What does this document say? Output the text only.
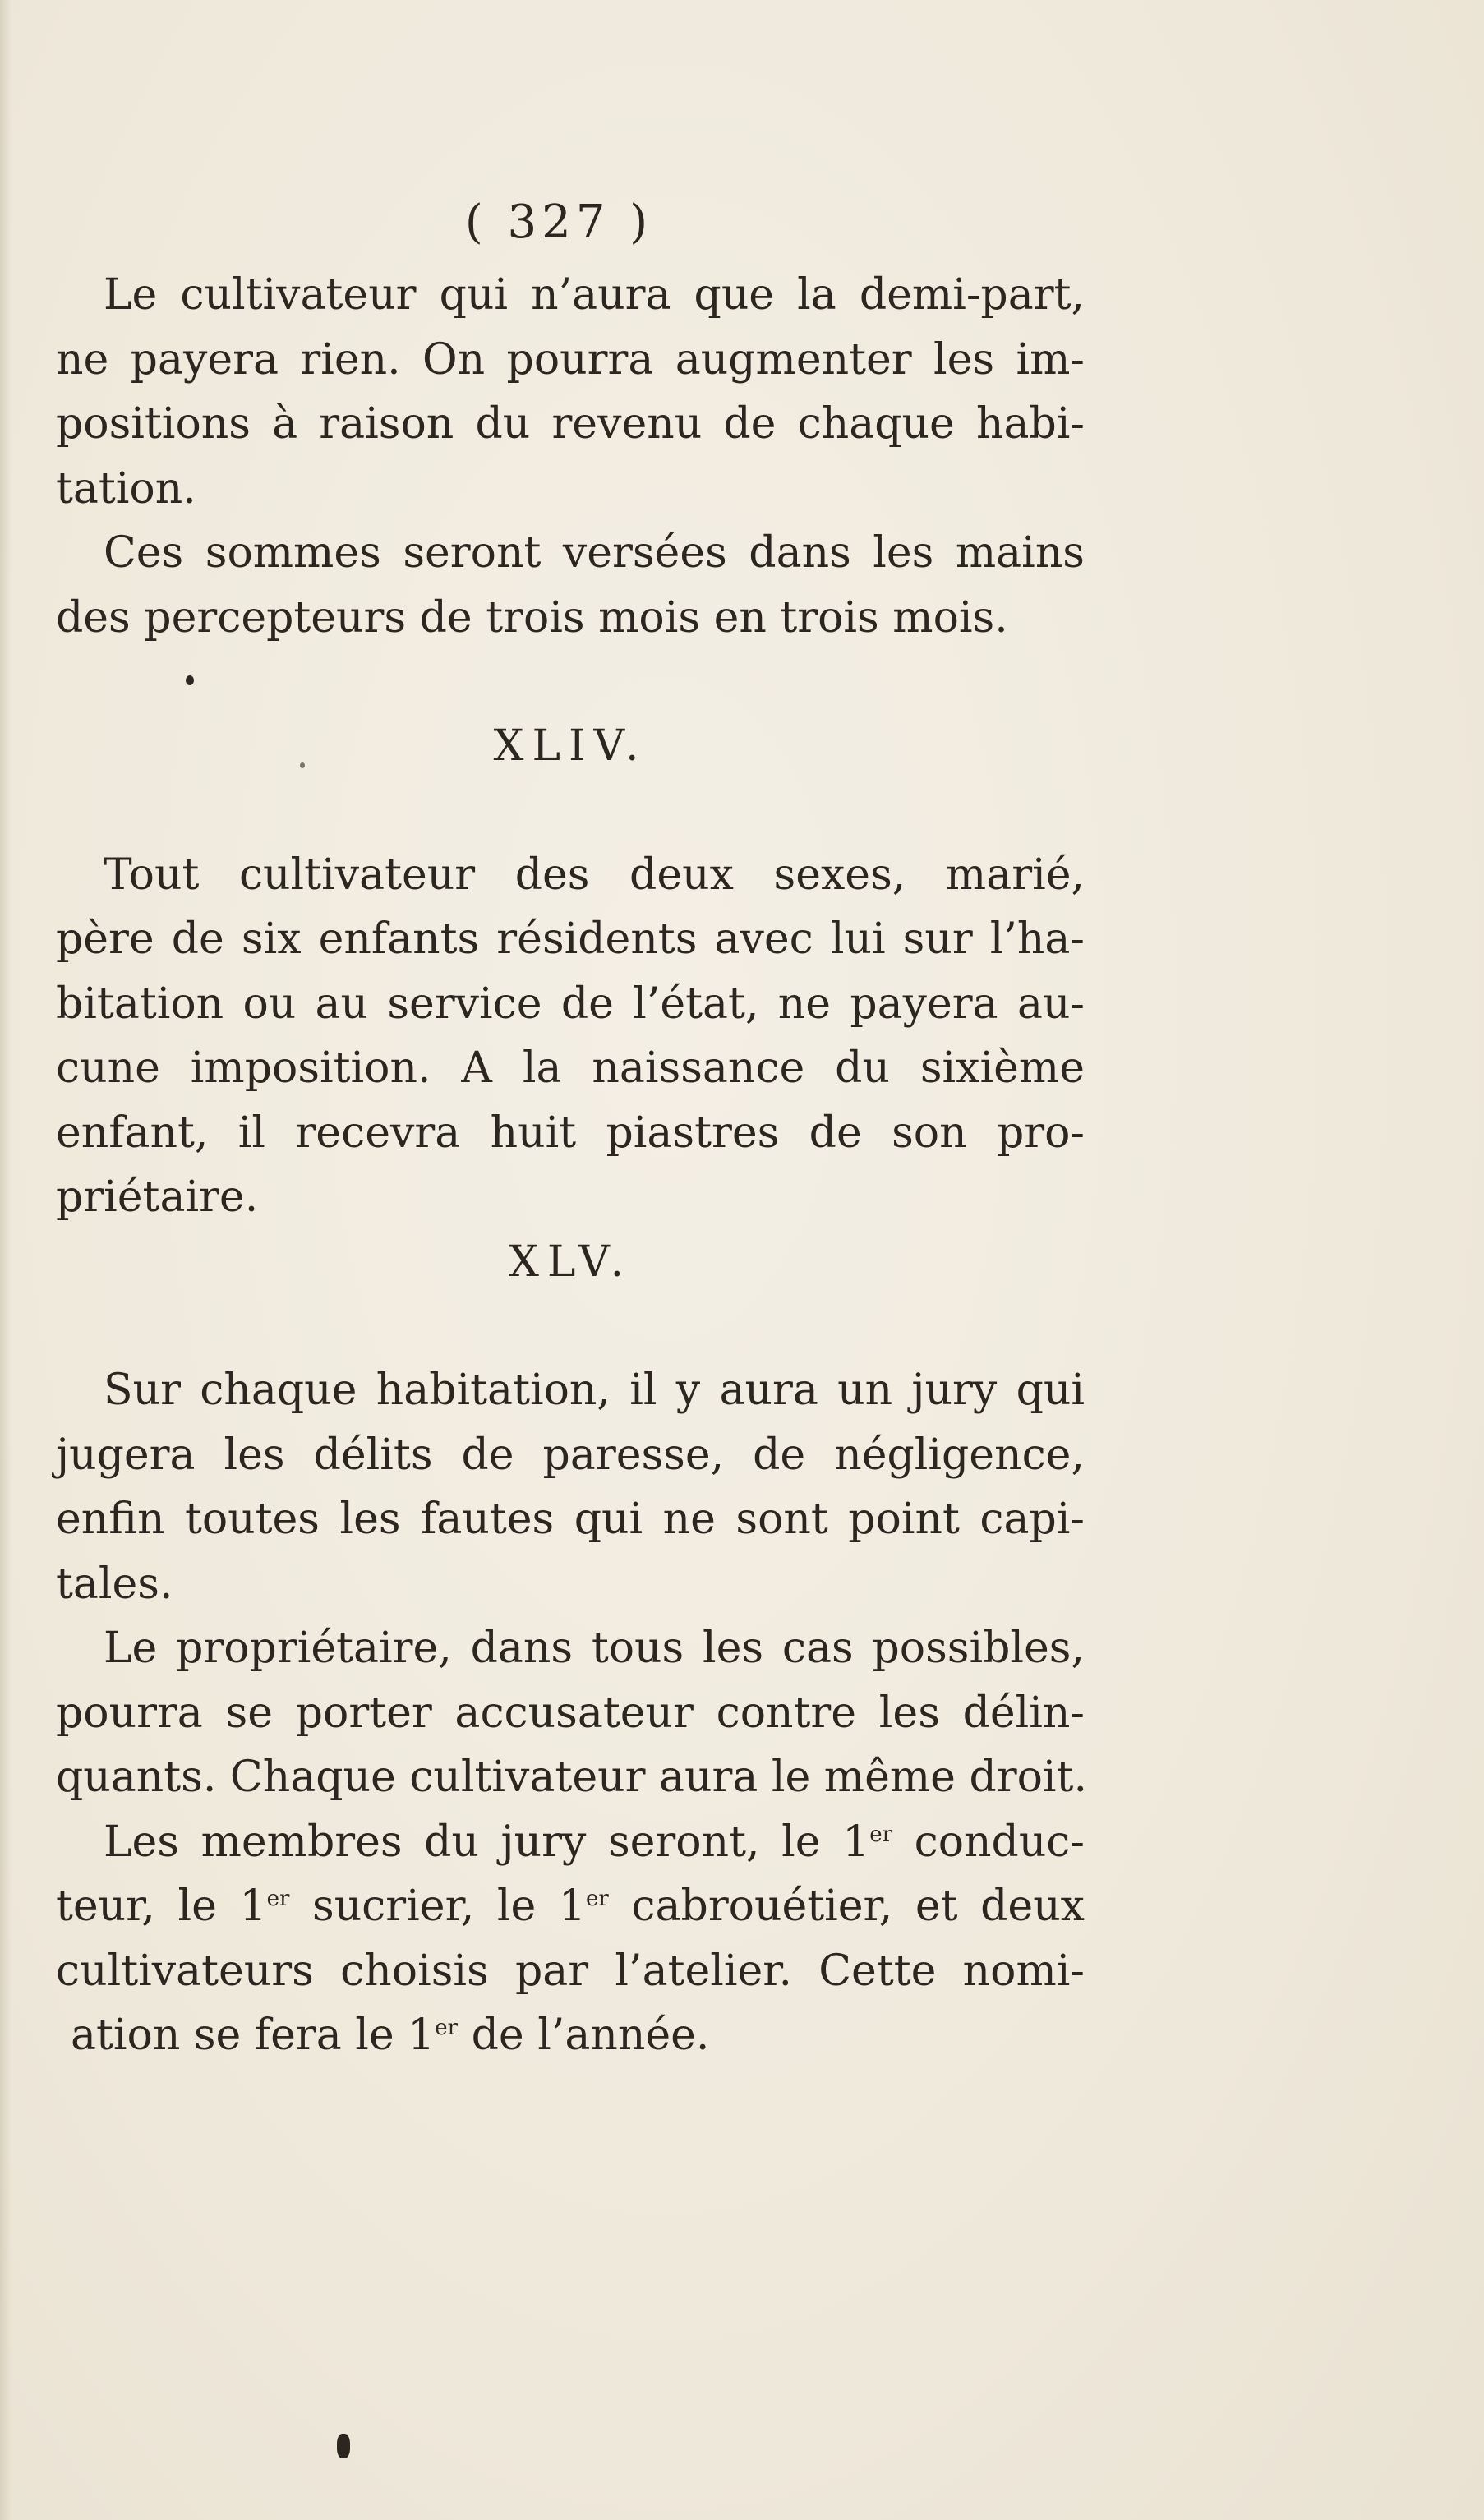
( 327 )
Le cultivateur qui n’aura que la demi-part,
ne payera rien. On pourra augmenter les im-
positions à raison du revenu de chaque habi-
tation.
Ces sommes seront versées dans les mains
des percepteurs de trois mois en trois mois.
XLIV.
Tout cultivateur des deux sexes, marié,
père de six enfants résidents avec lui sur l’ha-
bitation ou au service de l’état, ne payera au-
cune imposition. A la naissance du sixième
enfant, il recevra huit piastres de son pro-
priétaire.
XLV.
Sur chaque habitation, il y aura un jury qui
jugera les délits de paresse, de négligence,
enfin toutes les fautes qui ne sont point capi-
tales.
Le propriétaire, dans tous les cas possibles,
pourra se porter accusateur contre les délin-
quants. Chaque cultivateur aura le même droit.
Les membres du jury seront, le 1er conduc-
teur, le 1er sucrier, le 1er cabrouétier, et deux
cultivateurs choisis par l’atelier. Cette nomi-
ation se fera le 1er de l’année.
